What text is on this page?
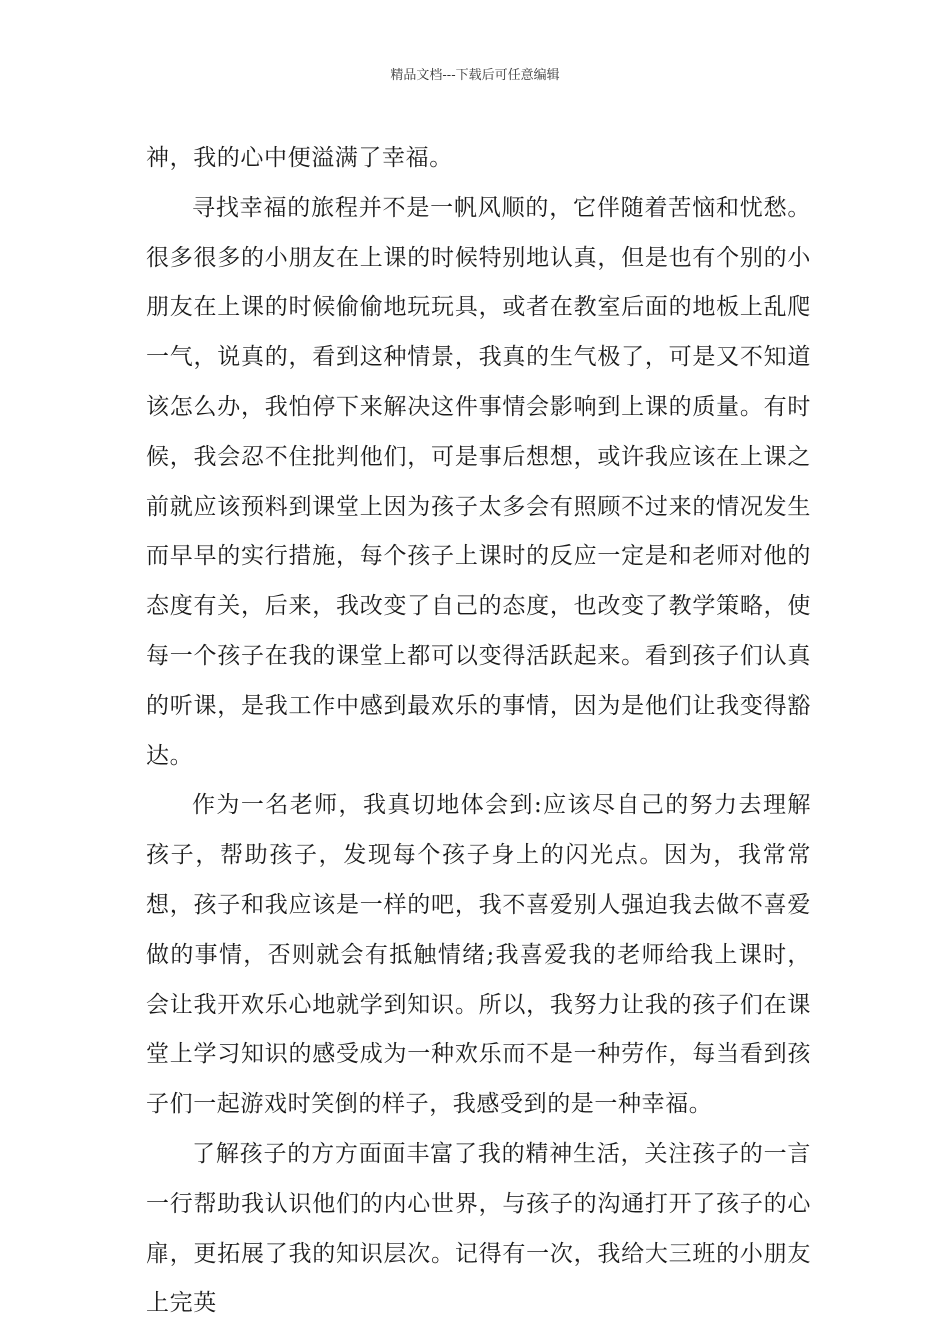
精品文档---下载后可任意编辑

神，我的心中便溢满了幸福。

寻找幸福的旅程并不是一帆风顺的，它伴随着苦恼和忧愁。很多很多的小朋友在上课的时候特别地认真，但是也有个别的小朋友在上课的时候偷偷地玩玩具，或者在教室后面的地板上乱爬一气，说真的，看到这种情景，我真的生气极了，可是又不知道该怎么办，我怕停下来解决这件事情会影响到上课的质量。有时候，我会忍不住批判他们，可是事后想想，或许我应该在上课之前就应该预料到课堂上因为孩子太多会有照顾不过来的情况发生而早早的实行措施，每个孩子上课时的反应一定是和老师对他的态度有关，后来，我改变了自己的态度，也改变了教学策略，使每一个孩子在我的课堂上都可以变得活跃起来。看到孩子们认真的听课，是我工作中感到最欢乐的事情，因为是他们让我变得豁达。

作为一名老师，我真切地体会到:应该尽自己的努力去理解孩子，帮助孩子，发现每个孩子身上的闪光点。因为，我常常想，孩子和我应该是一样的吧，我不喜爱别人强迫我去做不喜爱做的事情，否则就会有抵触情绪;我喜爱我的老师给我上课时，会让我开欢乐心地就学到知识。所以，我努力让我的孩子们在课堂上学习知识的感受成为一种欢乐而不是一种劳作，每当看到孩子们一起游戏时笑倒的样子，我感受到的是一种幸福。

了解孩子的方方面面丰富了我的精神生活，关注孩子的一言一行帮助我认识他们的内心世界，与孩子的沟通打开了孩子的心扉，更拓展了我的知识层次。记得有一次，我给大三班的小朋友上完英
